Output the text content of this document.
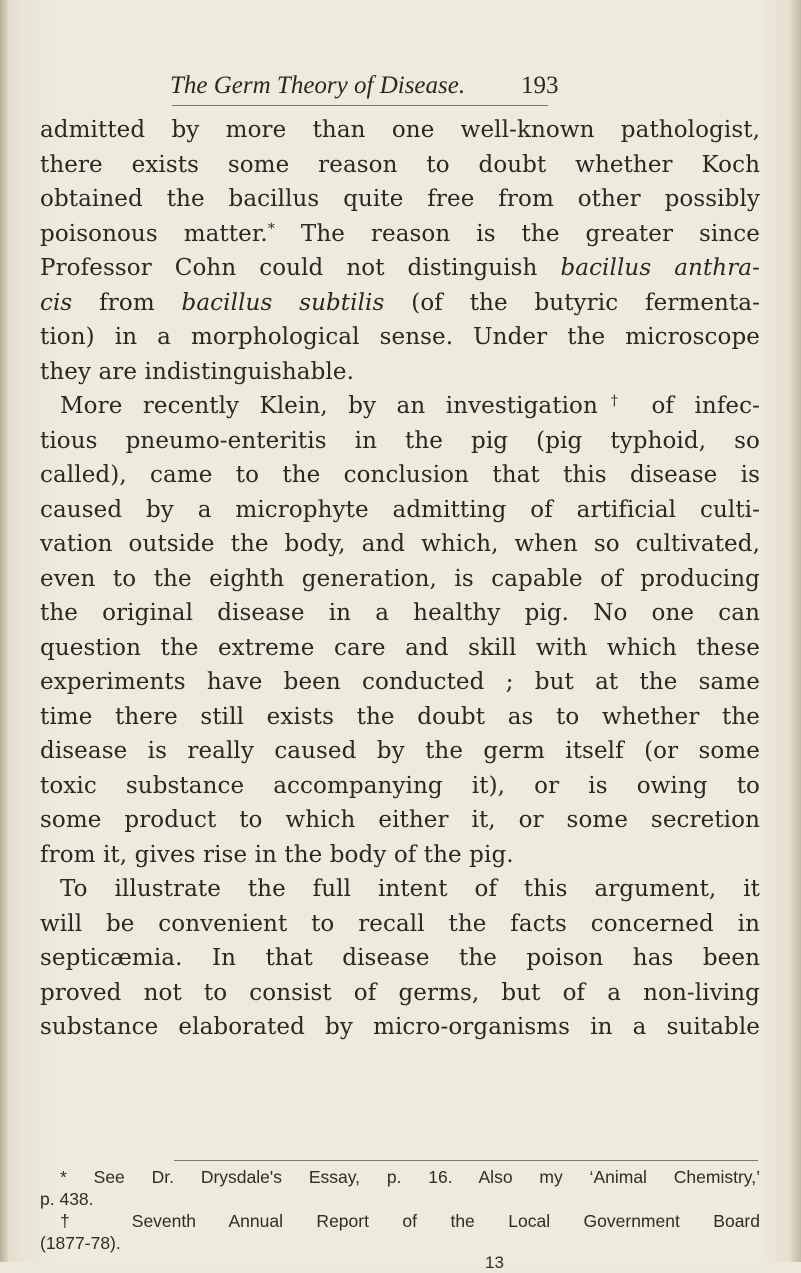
The Germ Theory of Disease. 193
admitted by more than one well-known pathologist,
there exists some reason to doubt whether Koch
obtained the bacillus quite free from other possibly
poisonous matter.* The reason is the greater since
Professor Cohn could not distinguish bacillus anthra-
cis from bacillus subtilis (of the butyric fermenta-
tion) in a morphological sense. Under the microscope
they are indistinguishable.
More recently Klein, by an investigation† of infec-
tious pneumo-enteritis in the pig (pig typhoid, so
called), came to the conclusion that this disease is
caused by a microphyte admitting of artificial culti-
vation outside the body, and which, when so cultivated,
even to the eighth generation, is capable of producing
the original disease in a healthy pig. No one can
question the extreme care and skill with which these
experiments have been conducted ; but at the same
time there still exists the doubt as to whether the
disease is really caused by the germ itself (or some
toxic substance accompanying it), or is owing to
some product to which either it, or some secretion
from it, gives rise in the body of the pig.
To illustrate the full intent of this argument, it
will be convenient to recall the facts concerned in
septicæmia. In that disease the poison has been
proved not to consist of germs, but of a non-living
substance elaborated by micro-organisms in a suitable
* See Dr. Drysdale's Essay, p. 16. Also my ‘Animal Chemistry,’
p. 438.
† Seventh Annual Report of the Local Government Board
(1877-78).
13
